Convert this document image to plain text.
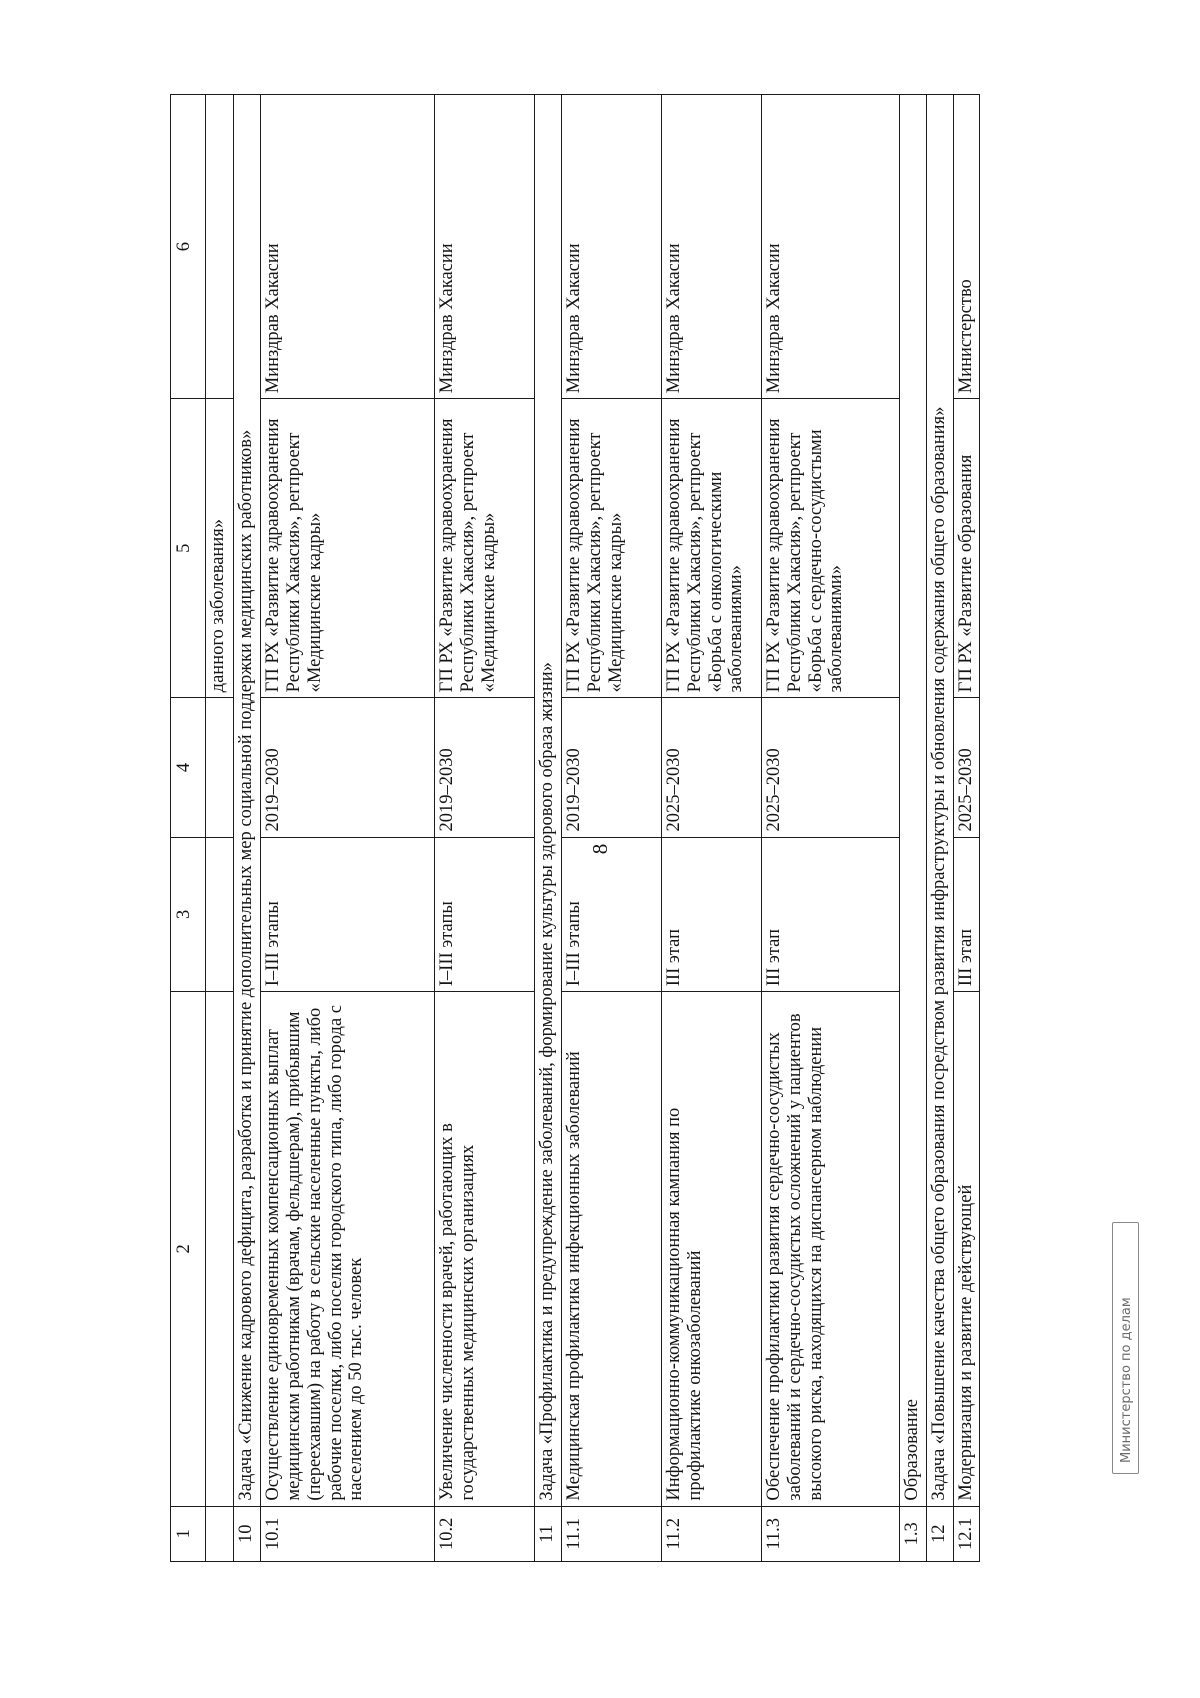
8
1	2	3	4	5	6
				данного заболевания»	
10	Задача «Снижение кадрового дефицита, разработка и принятие дополнительных мер социальной поддержки медицинских работников»				
10.1	Осуществление единовременных компенсационных выплат медицинским работникам (врачам, фельдшерам), прибывшим (переехавшим) на работу в сельские населенные пункты, либо рабочие поселки, либо поселки городского типа, либо города с населением до 50 тыс. человек	I–III этапы	2019–2030	ГП РХ «Развитие здравоохранения Республики Хакасия», регпроект «Медицинские кадры»	Минздрав Хакасии
10.2	Увеличение численности врачей, работающих в государственных медицинских организациях	I–III этапы	2019–2030	ГП РХ «Развитие здравоохранения Республики Хакасия», регпроект «Медицинские кадры»	Минздрав Хакасии
11	Задача «Профилактика и предупреждение заболеваний, формирование культуры здорового образа жизни»				
11.1	Медицинская профилактика инфекционных заболеваний	I–III этапы	2019–2030	ГП РХ «Развитие здравоохранения Республики Хакасия», регпроект «Медицинские кадры»	Минздрав Хакасии
11.2	Информационно-коммуникационная кампания по профилактике онкозаболеваний	III этап	2025–2030	ГП РХ «Развитие здравоохранения Республики Хакасия», регпроект «Борьба с онкологическими заболеваниями»	Минздрав Хакасии
11.3	Обеспечение профилактики развития сердечно-сосудистых заболеваний и сердечно-сосудистых осложнений у пациентов высокого риска, находящихся на диспансерном наблюдении	III этап	2025–2030	ГП РХ «Развитие здравоохранения Республики Хакасия», регпроект «Борьба с сердечно-сосудистыми заболеваниями»	Минздрав Хакасии
1.3	Образование				
12	Задача «Повышение качества общего образования посредством развития инфраструктуры и обновления содержания общего образования»				
12.1	Модернизация и развитие действующей	III этап	2025–2030	ГП РХ «Развитие образования	Министерство
Министерство по делам
